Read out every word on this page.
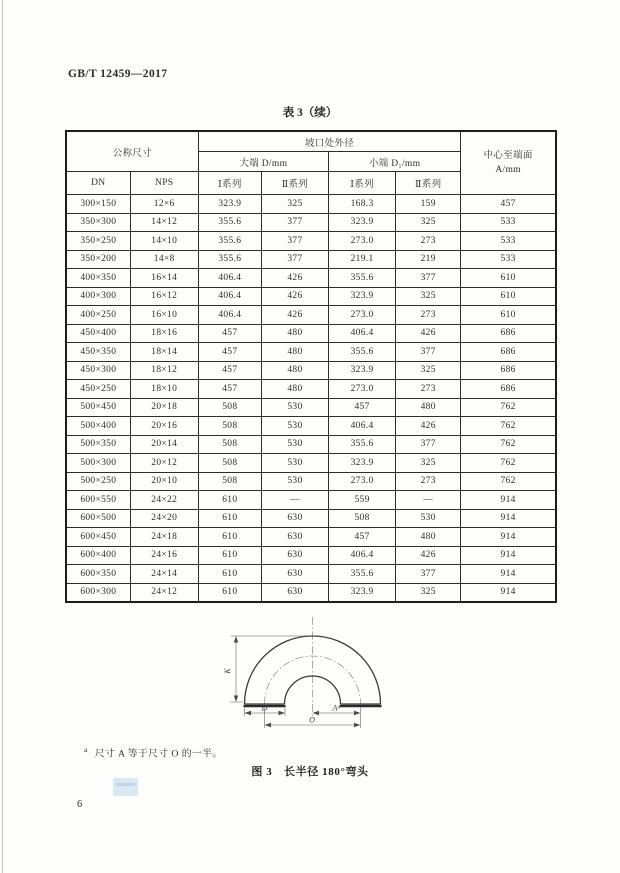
GB/T 12459—2017
表 3（续）
公称尺寸		坡口处外径				中心至端面
A/mm

		大端 D/mm		小端 D₁/mm		
DN	NPS	Ⅰ系列	Ⅱ系列	Ⅰ系列	Ⅱ系列	
300×150	12×6	323.9	325	168.3	159	457
350×300	14×12	355.6	377	323.9	325	533
350×250	14×10	355.6	377	273.0	273	533
350×200	14×8	355.6	377	219.1	219	533
400×350	16×14	406.4	426	355.6	377	610
400×300	16×12	406.4	426	323.9	325	610
400×250	16×10	406.4	426	273.0	273	610
450×400	18×16	457	480	406.4	426	686
450×350	18×14	457	480	355.6	377	686
450×300	18×12	457	480	323.9	325	686
450×250	18×10	457	480	273.0	273	686
500×450	20×18	508	530	457	480	762
500×400	20×16	508	530	406.4	426	762
500×350	20×14	508	530	355.6	377	762
500×300	20×12	508	530	323.9	325	762
500×250	20×10	508	530	273.0	273	762
600×550	24×22	610	—	559	—	914
600×500	24×20	610	630	508	530	914
600×450	24×18	610	630	457	480	914
600×400	24×16	610	630	406.4	426	914
600×350	24×14	610	630	355.6	377	914
600×300	24×12	610	630	323.9	325	914
K
D	Aᵃ
O
$^a$ 尺寸 A 等于尺寸 O 的一半。
图 3　长半径 180°弯头
6
